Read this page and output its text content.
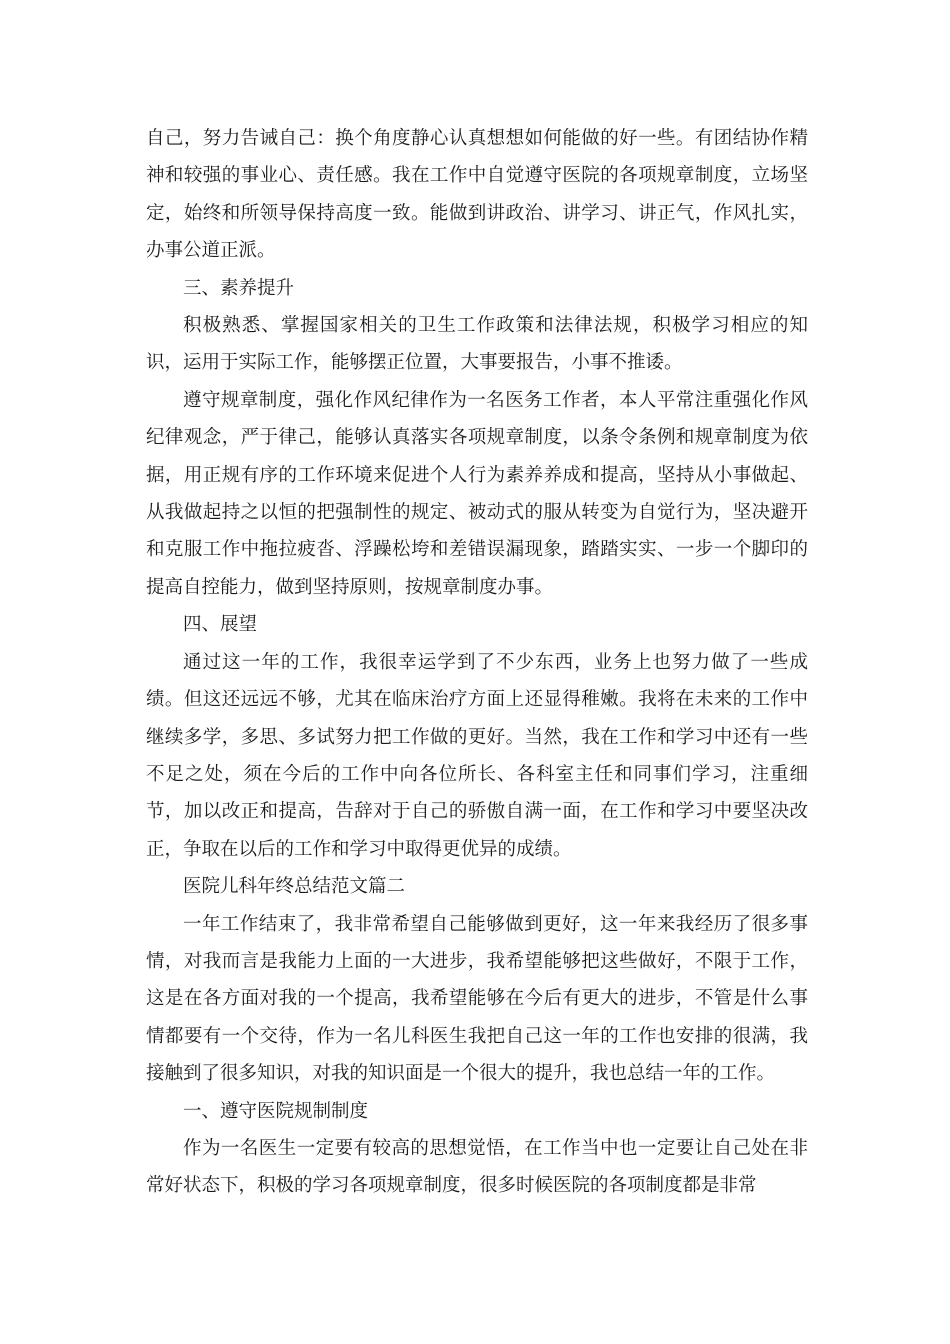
自己，努力告诫自己：换个角度静心认真想想如何能做的好一些。有团结协作精神和较强的事业心、责任感。我在工作中自觉遵守医院的各项规章制度，立场坚定，始终和所领导保持高度一致。能做到讲政治、讲学习、讲正气，作风扎实，办事公道正派。

三、素养提升

积极熟悉、掌握国家相关的卫生工作政策和法律法规，积极学习相应的知识，运用于实际工作，能够摆正位置，大事要报告，小事不推诿。

遵守规章制度，强化作风纪律作为一名医务工作者，本人平常注重强化作风纪律观念，严于律己，能够认真落实各项规章制度，以条令条例和规章制度为依据，用正规有序的工作环境来促进个人行为素养养成和提高，坚持从小事做起、从我做起持之以恒的把强制性的规定、被动式的服从转变为自觉行为，坚决避开和克服工作中拖拉疲沓、浮躁松垮和差错误漏现象，踏踏实实、一步一个脚印的提高自控能力，做到坚持原则，按规章制度办事。

四、展望

通过这一年的工作，我很幸运学到了不少东西，业务上也努力做了一些成绩。但这还远远不够，尤其在临床治疗方面上还显得稚嫩。我将在未来的工作中继续多学，多思、多试努力把工作做的更好。当然，我在工作和学习中还有一些不足之处，须在今后的工作中向各位所长、各科室主任和同事们学习，注重细节，加以改正和提高，告辞对于自己的骄傲自满一面，在工作和学习中要坚决改正，争取在以后的工作和学习中取得更优异的成绩。

医院儿科年终总结范文篇二

一年工作结束了，我非常希望自己能够做到更好，这一年来我经历了很多事情，对我而言是我能力上面的一大进步，我希望能够把这些做好，不限于工作，这是在各方面对我的一个提高，我希望能够在今后有更大的进步，不管是什么事情都要有一个交待，作为一名儿科医生我把自己这一年的工作也安排的很满，我接触到了很多知识，对我的知识面是一个很大的提升，我也总结一年的工作。

一、遵守医院规制制度

作为一名医生一定要有较高的思想觉悟，在工作当中也一定要让自己处在非常好状态下，积极的学习各项规章制度，很多时候医院的各项制度都是非常
